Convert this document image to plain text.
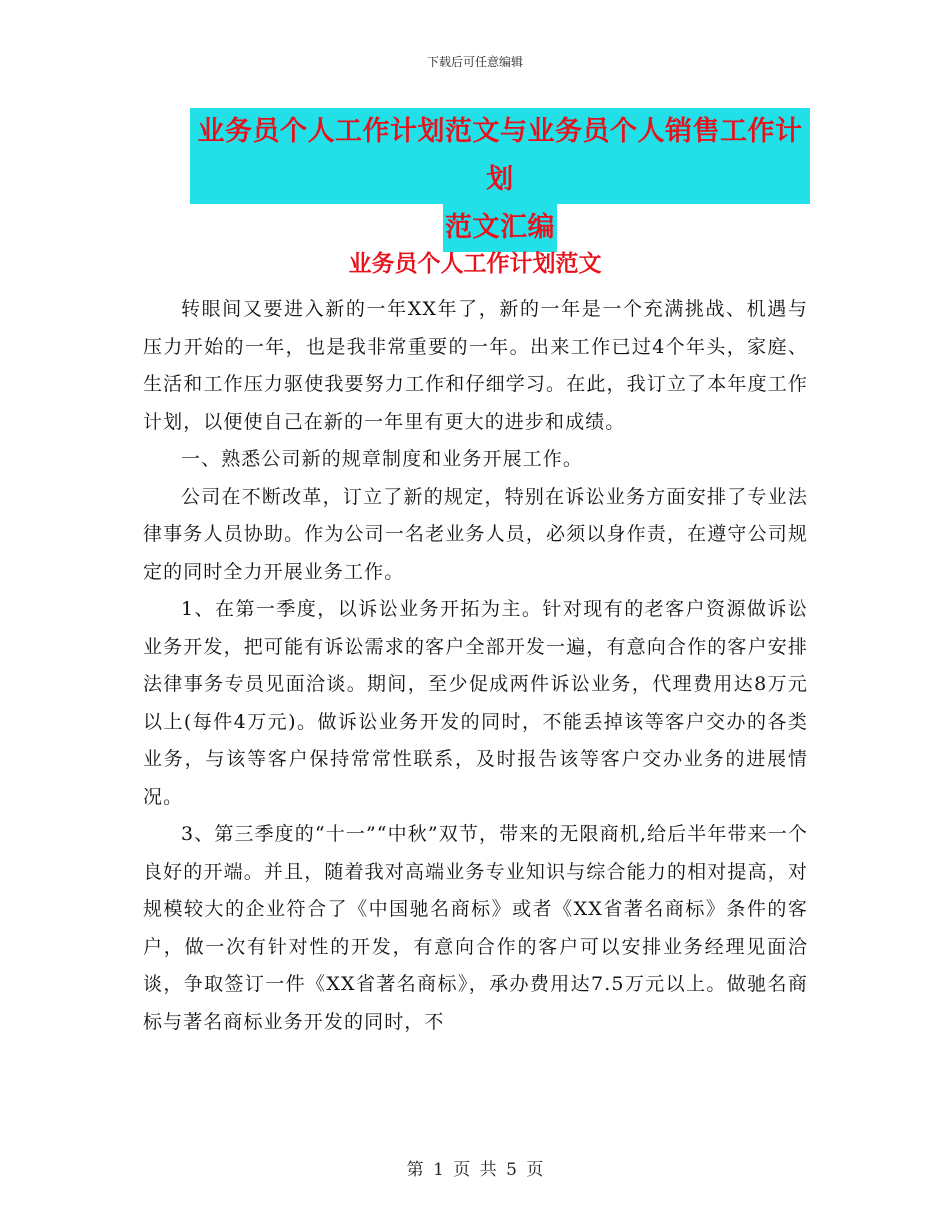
下载后可任意编辑
业务员个人工作计划范文与业务员个人销售工作计划
范文汇编
业务员个人工作计划范文

转眼间又要进入新的一年XX年了，新的一年是一个充满挑战、机遇与压力开始的一年，也是我非常重要的一年。出来工作已过4个年头，家庭、生活和工作压力驱使我要努力工作和仔细学习。在此，我订立了本年度工作计划，以便使自己在新的一年里有更大的进步和成绩。

一、熟悉公司新的规章制度和业务开展工作。

公司在不断改革，订立了新的规定，特别在诉讼业务方面安排了专业法律事务人员协助。作为公司一名老业务人员，必须以身作责，在遵守公司规定的同时全力开展业务工作。

1、在第一季度，以诉讼业务开拓为主。针对现有的老客户资源做诉讼业务开发，把可能有诉讼需求的客户全部开发一遍，有意向合作的客户安排法律事务专员见面洽谈。期间，至少促成两件诉讼业务，代理费用达8万元以上(每件4万元)。做诉讼业务开发的同时，不能丢掉该等客户交办的各类业务，与该等客户保持常常性联系，及时报告该等客户交办业务的进展情况。

3、第三季度的“十一”“中秋”双节，带来的无限商机,给后半年带来一个良好的开端。并且，随着我对高端业务专业知识与综合能力的相对提高，对规模较大的企业符合了《中国驰名商标》或者《XX省著名商标》条件的客户，做一次有针对性的开发，有意向合作的客户可以安排业务经理见面洽谈，争取签订一件《XX省著名商标》，承办费用达7.5万元以上。做驰名商标与著名商标业务开发的同时，不

第 1 页 共 5 页
